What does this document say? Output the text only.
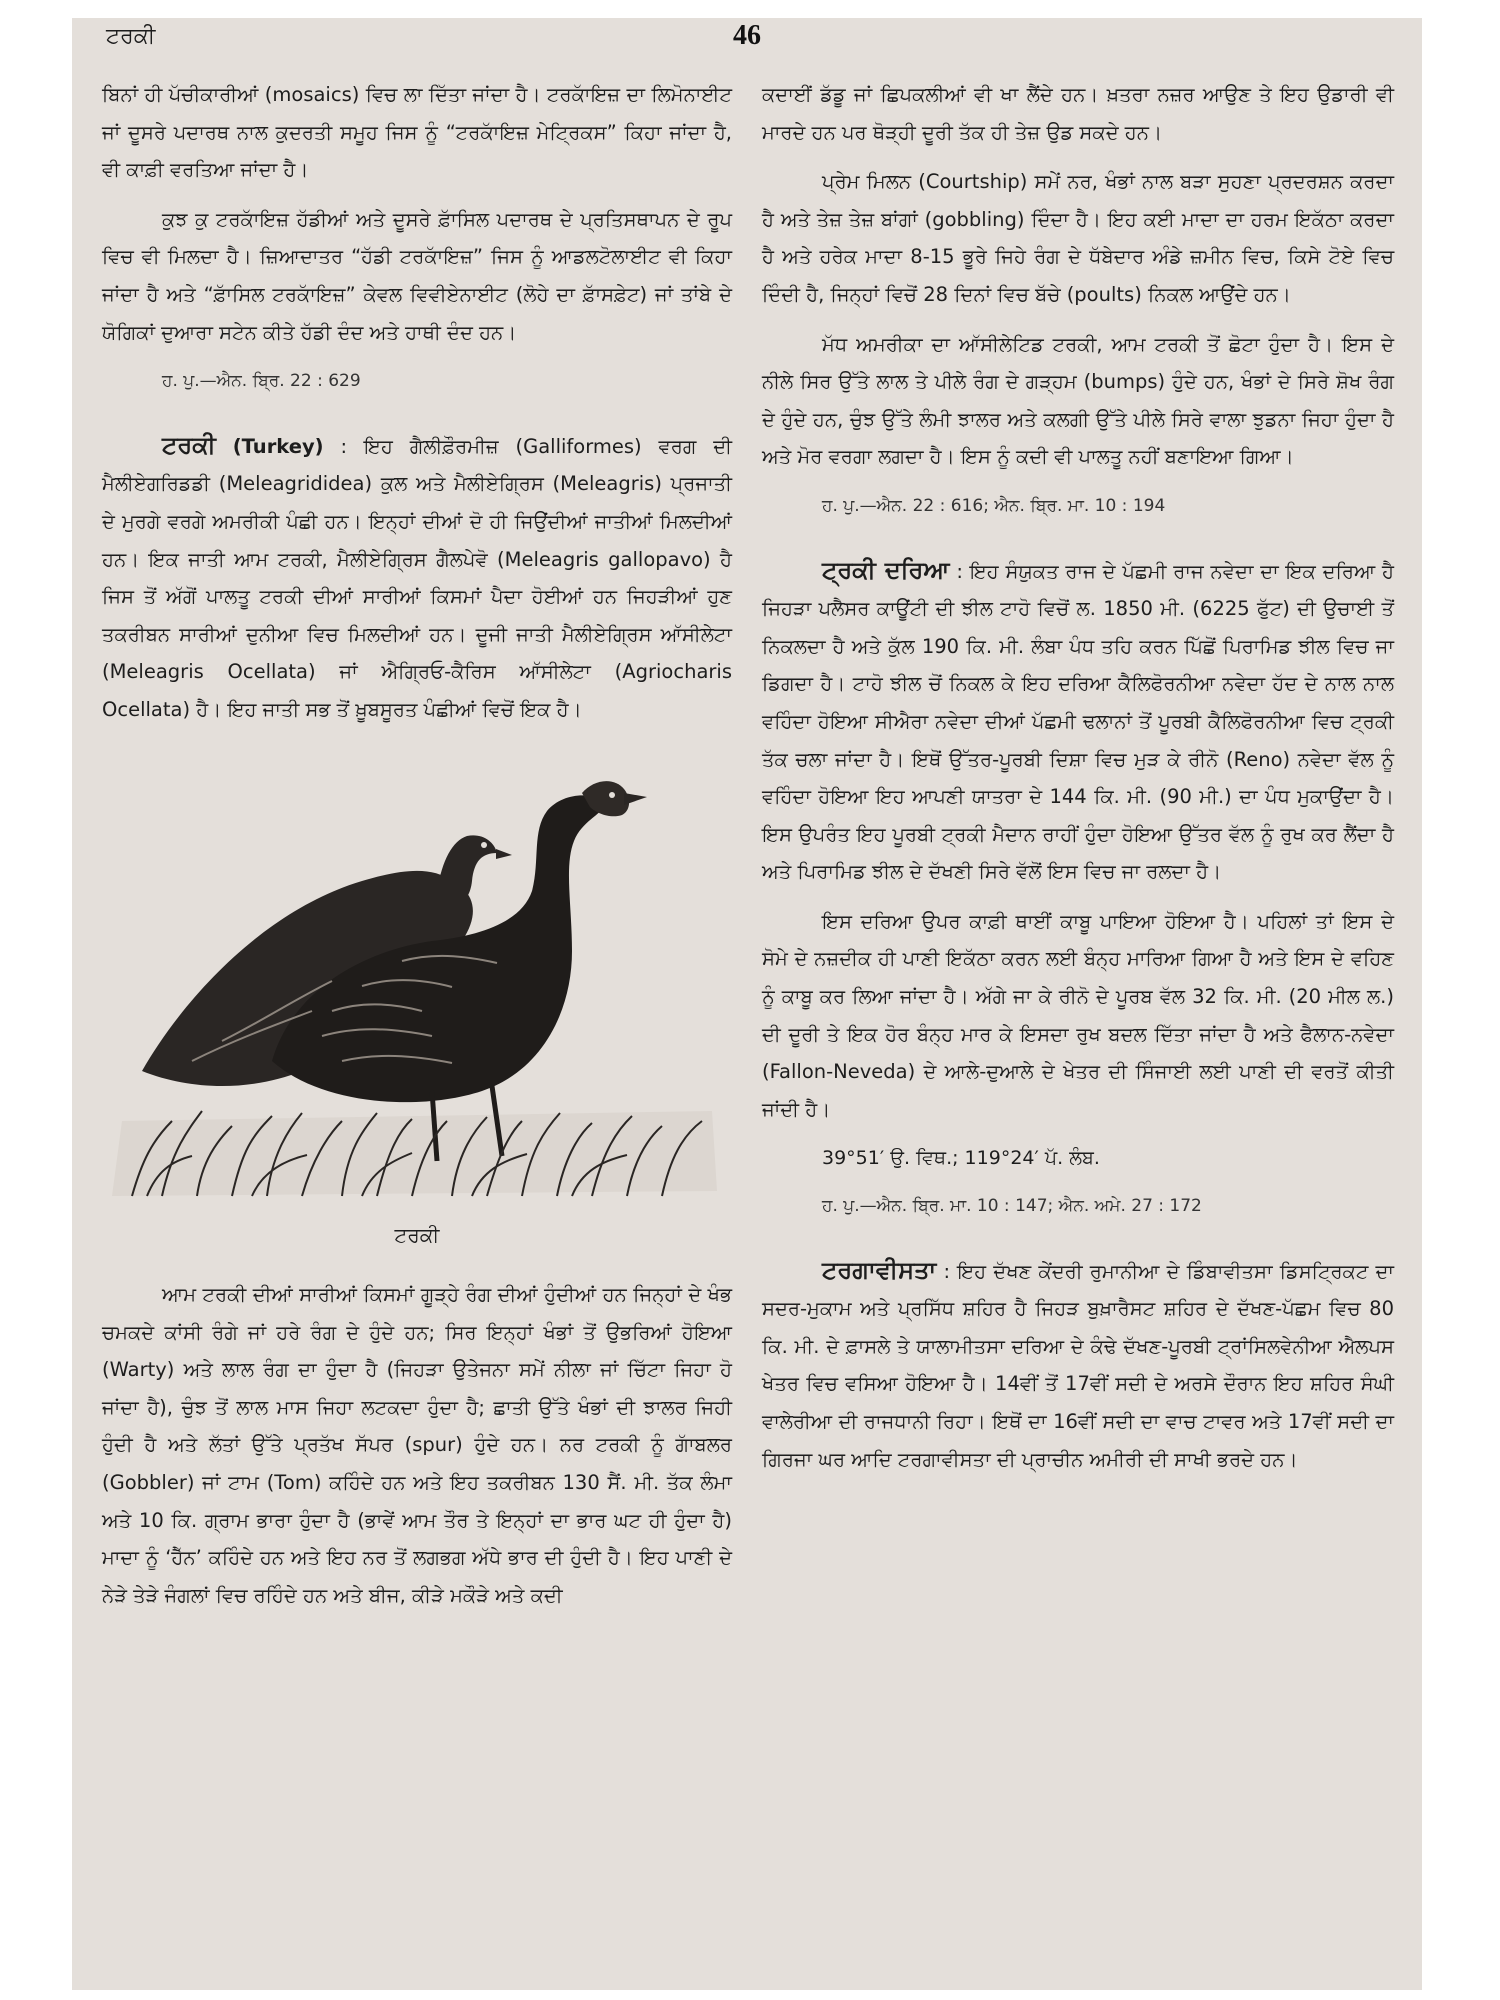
ਟਰਕੀ	46

ਬਿਨਾਂ ਹੀ ਪੱਚੀਕਾਰੀਆਂ (mosaics) ਵਿਚ ਲਾ ਦਿੱਤਾ ਜਾਂਦਾ ਹੈ। ਟਰਕਾੱਇਜ਼ ਦਾ ਲਿਮੋਨਾਈਟ ਜਾਂ ਦੂਸਰੇ ਪਦਾਰਥ ਨਾਲ ਕੁਦਰਤੀ ਸਮੂਹ ਜਿਸ ਨੂੰ “ਟਰਕਾੱਇਜ਼ ਮੇਟ੍ਰਿਕਸ” ਕਿਹਾ ਜਾਂਦਾ ਹੈ, ਵੀ ਕਾਫ਼ੀ ਵਰਤਿਆ ਜਾਂਦਾ ਹੈ।

ਕੁਝ ਕੁ ਟਰਕਾੱਇਜ਼ ਹੱਡੀਆਂ ਅਤੇ ਦੂਸਰੇ ਫ਼ਾੱਸਿਲ ਪਦਾਰਥ ਦੇ ਪ੍ਰਤਿਸਥਾਪਨ ਦੇ ਰੂਪ ਵਿਚ ਵੀ ਮਿਲਦਾ ਹੈ। ਜ਼ਿਆਦਾਤਰ “ਹੱਡੀ ਟਰਕਾੱਇਜ਼” ਜਿਸ ਨੂੰ ਆਡਲਟੋਲਾਈਟ ਵੀ ਕਿਹਾ ਜਾਂਦਾ ਹੈ ਅਤੇ “ਫ਼ਾੱਸਿਲ ਟਰਕਾੱਇਜ਼” ਕੇਵਲ ਵਿਵੀਏਨਾਈਟ (ਲੋਹੇ ਦਾ ਫ਼ਾੱਸਫ਼ੇਟ) ਜਾਂ ਤਾਂਬੇ ਦੇ ਯੋਗਿਕਾਂ ਦੁਆਰਾ ਸਟੇਨ ਕੀਤੇ ਹੱਡੀ ਦੰਦ ਅਤੇ ਹਾਥੀ ਦੰਦ ਹਨ।

ਹ. ਪੁ.—ਐਨ. ਬ੍ਰਿ. 22 : 629

ਟਰਕੀ (Turkey) : ਇਹ ਗੈਲੀਫ਼ੌਰਮੀਜ਼ (Galliformes) ਵਰਗ ਦੀ ਮੈਲੀਏਗਰਿਡਡੀ (Meleagrididea) ਕੁਲ ਅਤੇ ਮੈਲੀਏਗ੍ਰਿਸ (Meleagris) ਪ੍ਰਜਾਤੀ ਦੇ ਮੁਰਗੇ ਵਰਗੇ ਅਮਰੀਕੀ ਪੰਛੀ ਹਨ। ਇਨ੍ਹਾਂ ਦੀਆਂ ਦੋ ਹੀ ਜਿਉਂਦੀਆਂ ਜਾਤੀਆਂ ਮਿਲਦੀਆਂ ਹਨ। ਇਕ ਜਾਤੀ ਆਮ ਟਰਕੀ, ਮੈਲੀਏਗ੍ਰਿਸ ਗੈਲਪੇਵੋ (Meleagris gallopavo) ਹੈ ਜਿਸ ਤੋਂ ਅੱਗੋਂ ਪਾਲਤੂ ਟਰਕੀ ਦੀਆਂ ਸਾਰੀਆਂ ਕਿਸਮਾਂ ਪੈਦਾ ਹੋਈਆਂ ਹਨ ਜਿਹੜੀਆਂ ਹੁਣ ਤਕਰੀਬਨ ਸਾਰੀਆਂ ਦੁਨੀਆ ਵਿਚ ਮਿਲਦੀਆਂ ਹਨ। ਦੂਜੀ ਜਾਤੀ ਮੈਲੀਏਗ੍ਰਿਸ ਆੱਸੀਲੇਟਾ (Meleagris Ocellata) ਜਾਂ ਐਗ੍ਰਿਓ-ਕੈਰਿਸ ਆੱਸੀਲੇਟਾ (Agriocharis Ocellata) ਹੈ। ਇਹ ਜਾਤੀ ਸਭ ਤੋਂ ਖ਼ੂਬਸੂਰਤ ਪੰਛੀਆਂ ਵਿਚੋਂ ਇਕ ਹੈ।

ਟਰਕੀ

ਆਮ ਟਰਕੀ ਦੀਆਂ ਸਾਰੀਆਂ ਕਿਸਮਾਂ ਗੂੜ੍ਹੇ ਰੰਗ ਦੀਆਂ ਹੁੰਦੀਆਂ ਹਨ ਜਿਨ੍ਹਾਂ ਦੇ ਖੰਭ ਚਮਕਦੇ ਕਾਂਸੀ ਰੰਗੇ ਜਾਂ ਹਰੇ ਰੰਗ ਦੇ ਹੁੰਦੇ ਹਨ; ਸਿਰ ਇਨ੍ਹਾਂ ਖੰਭਾਂ ਤੋਂ ਉਭਰਿਆਂ ਹੋਇਆ (Warty) ਅਤੇ ਲਾਲ ਰੰਗ ਦਾ ਹੁੰਦਾ ਹੈ (ਜਿਹੜਾ ਉਤੇਜਨਾ ਸਮੇਂ ਨੀਲਾ ਜਾਂ ਚਿੱਟਾ ਜਿਹਾ ਹੋ ਜਾਂਦਾ ਹੈ), ਚੁੰਝ ਤੋਂ ਲਾਲ ਮਾਸ ਜਿਹਾ ਲਟਕਦਾ ਹੁੰਦਾ ਹੈ; ਛਾਤੀ ਉੱਤੇ ਖੰਭਾਂ ਦੀ ਝਾਲਰ ਜਿਹੀ ਹੁੰਦੀ ਹੈ ਅਤੇ ਲੱਤਾਂ ਉੱਤੇ ਪ੍ਰਤੱਖ ਸੱਪਰ (spur) ਹੁੰਦੇ ਹਨ। ਨਰ ਟਰਕੀ ਨੂੰ ਗਾੱਬਲਰ (Gobbler) ਜਾਂ ਟਾਮ (Tom) ਕਹਿੰਦੇ ਹਨ ਅਤੇ ਇਹ ਤਕਰੀਬਨ 130 ਸੈਂ. ਮੀ. ਤੱਕ ਲੰਮਾ ਅਤੇ 10 ਕਿ. ਗ੍ਰਾਮ ਭਾਰਾ ਹੁੰਦਾ ਹੈ (ਭਾਵੇਂ ਆਮ ਤੌਰ ਤੇ ਇਨ੍ਹਾਂ ਦਾ ਭਾਰ ਘਟ ਹੀ ਹੁੰਦਾ ਹੈ) ਮਾਦਾ ਨੂੰ ‘ਹੈੱਨ’ ਕਹਿੰਦੇ ਹਨ ਅਤੇ ਇਹ ਨਰ ਤੋਂ ਲਗਭਗ ਅੱਧੇ ਭਾਰ ਦੀ ਹੁੰਦੀ ਹੈ। ਇਹ ਪਾਣੀ ਦੇ ਨੇੜੇ ਤੇੜੇ ਜੰਗਲਾਂ ਵਿਚ ਰਹਿੰਦੇ ਹਨ ਅਤੇ ਬੀਜ, ਕੀੜੇ ਮਕੌੜੇ ਅਤੇ ਕਦੀ

ਕਦਾਈਂ ਡੱਡੂ ਜਾਂ ਛਿਪਕਲੀਆਂ ਵੀ ਖਾ ਲੈਂਦੇ ਹਨ। ਖ਼ਤਰਾ ਨਜ਼ਰ ਆਉਣ ਤੇ ਇਹ ਉਡਾਰੀ ਵੀ ਮਾਰਦੇ ਹਨ ਪਰ ਥੋੜ੍ਹੀ ਦੂਰੀ ਤੱਕ ਹੀ ਤੇਜ਼ ਉਡ ਸਕਦੇ ਹਨ।

ਪ੍ਰੇਮ ਮਿਲਨ (Courtship) ਸਮੇਂ ਨਰ, ਖੰਭਾਂ ਨਾਲ ਬੜਾ ਸੁਹਣਾ ਪ੍ਰਦਰਸ਼ਨ ਕਰਦਾ ਹੈ ਅਤੇ ਤੇਜ਼ ਤੇਜ਼ ਬਾਂਗਾਂ (gobbling) ਦਿੰਦਾ ਹੈ। ਇਹ ਕਈ ਮਾਦਾ ਦਾ ਹਰਮ ਇਕੱਠਾ ਕਰਦਾ ਹੈ ਅਤੇ ਹਰੇਕ ਮਾਦਾ 8-15 ਭੂਰੇ ਜਿਹੇ ਰੰਗ ਦੇ ਧੱਬੇਦਾਰ ਅੰਡੇ ਜ਼ਮੀਨ ਵਿਚ, ਕਿਸੇ ਟੋਏ ਵਿਚ ਦਿੰਦੀ ਹੈ, ਜਿਨ੍ਹਾਂ ਵਿਚੋਂ 28 ਦਿਨਾਂ ਵਿਚ ਬੱਚੇ (poults) ਨਿਕਲ ਆਉਂਦੇ ਹਨ।

ਮੱਧ ਅਮਰੀਕਾ ਦਾ ਆੱਸੀਲੇਟਿਡ ਟਰਕੀ, ਆਮ ਟਰਕੀ ਤੋਂ ਛੋਟਾ ਹੁੰਦਾ ਹੈ। ਇਸ ਦੇ ਨੀਲੇ ਸਿਰ ਉੱਤੇ ਲਾਲ ਤੇ ਪੀਲੇ ਰੰਗ ਦੇ ਗੜ੍ਹਮ (bumps) ਹੁੰਦੇ ਹਨ, ਖੰਭਾਂ ਦੇ ਸਿਰੇ ਸ਼ੋਖ ਰੰਗ ਦੇ ਹੁੰਦੇ ਹਨ, ਚੁੰਝ ਉੱਤੇ ਲੰਮੀ ਝਾਲਰ ਅਤੇ ਕਲਗੀ ਉੱਤੇ ਪੀਲੇ ਸਿਰੇ ਵਾਲਾ ਝੁਡਨਾ ਜਿਹਾ ਹੁੰਦਾ ਹੈ ਅਤੇ ਮੋਰ ਵਰਗਾ ਲਗਦਾ ਹੈ। ਇਸ ਨੂੰ ਕਦੀ ਵੀ ਪਾਲਤੂ ਨਹੀਂ ਬਣਾਇਆ ਗਿਆ।

ਹ. ਪੁ.—ਐਨ. 22 : 616; ਐਨ. ਬ੍ਰਿ. ਮਾ. 10 : 194

ਟ੍ਰਕੀ ਦਰਿਆ : ਇਹ ਸੰਯੁਕਤ ਰਾਜ ਦੇ ਪੱਛਮੀ ਰਾਜ ਨਵੇਦਾ ਦਾ ਇਕ ਦਰਿਆ ਹੈ ਜਿਹੜਾ ਪਲੈਸਰ ਕਾਊਂਟੀ ਦੀ ਝੀਲ ਟਾਹੋ ਵਿਚੋਂ ਲ. 1850 ਮੀ. (6225 ਫੁੱਟ) ਦੀ ਉਚਾਈ ਤੋਂ ਨਿਕਲਦਾ ਹੈ ਅਤੇ ਕੁੱਲ 190 ਕਿ. ਮੀ. ਲੰਬਾ ਪੰਧ ਤਹਿ ਕਰਨ ਪਿੱਛੋਂ ਪਿਰਾਮਿਡ ਝੀਲ ਵਿਚ ਜਾ ਡਿਗਦਾ ਹੈ। ਟਾਹੋ ਝੀਲ ਚੋਂ ਨਿਕਲ ਕੇ ਇਹ ਦਰਿਆ ਕੈਲਿਫੋਰਨੀਆ ਨਵੇਦਾ ਹੱਦ ਦੇ ਨਾਲ ਨਾਲ ਵਹਿੰਦਾ ਹੋਇਆ ਸੀਐਰਾ ਨਵੇਦਾ ਦੀਆਂ ਪੱਛਮੀ ਢਲਾਨਾਂ ਤੋਂ ਪੂਰਬੀ ਕੈਲਿਫੋਰਨੀਆ ਵਿਚ ਟ੍ਰਕੀ ਤੱਕ ਚਲਾ ਜਾਂਦਾ ਹੈ। ਇਥੋਂ ਉੱਤਰ-ਪੂਰਬੀ ਦਿਸ਼ਾ ਵਿਚ ਮੁੜ ਕੇ ਰੀਨੋ (Reno) ਨਵੇਦਾ ਵੱਲ ਨੂੰ ਵਹਿੰਦਾ ਹੋਇਆ ਇਹ ਆਪਣੀ ਯਾਤਰਾ ਦੇ 144 ਕਿ. ਮੀ. (90 ਮੀ.) ਦਾ ਪੰਧ ਮੁਕਾਉਂਦਾ ਹੈ। ਇਸ ਉਪਰੰਤ ਇਹ ਪੂਰਬੀ ਟ੍ਰਕੀ ਮੈਦਾਨ ਰਾਹੀਂ ਹੁੰਦਾ ਹੋਇਆ ਉੱਤਰ ਵੱਲ ਨੂੰ ਰੁਖ ਕਰ ਲੈਂਦਾ ਹੈ ਅਤੇ ਪਿਰਾਮਿਡ ਝੀਲ ਦੇ ਦੱਖਣੀ ਸਿਰੇ ਵੱਲੋਂ ਇਸ ਵਿਚ ਜਾ ਰਲਦਾ ਹੈ।

ਇਸ ਦਰਿਆ ਉਪਰ ਕਾਫ਼ੀ ਥਾਈਂ ਕਾਬੂ ਪਾਇਆ ਹੋਇਆ ਹੈ। ਪਹਿਲਾਂ ਤਾਂ ਇਸ ਦੇ ਸੋਮੇ ਦੇ ਨਜ਼ਦੀਕ ਹੀ ਪਾਣੀ ਇਕੱਠਾ ਕਰਨ ਲਈ ਬੰਨ੍ਹ ਮਾਰਿਆ ਗਿਆ ਹੈ ਅਤੇ ਇਸ ਦੇ ਵਹਿਣ ਨੂੰ ਕਾਬੂ ਕਰ ਲਿਆ ਜਾਂਦਾ ਹੈ। ਅੱਗੇ ਜਾ ਕੇ ਰੀਨੋ ਦੇ ਪੂਰਬ ਵੱਲ 32 ਕਿ. ਮੀ. (20 ਮੀਲ ਲ.) ਦੀ ਦੂਰੀ ਤੇ ਇਕ ਹੋਰ ਬੰਨ੍ਹ ਮਾਰ ਕੇ ਇਸਦਾ ਰੁਖ ਬਦਲ ਦਿੱਤਾ ਜਾਂਦਾ ਹੈ ਅਤੇ ਫੈਲਾਨ-ਨਵੇਦਾ (Fallon-Neveda) ਦੇ ਆਲੇ-ਦੁਆਲੇ ਦੇ ਖੇਤਰ ਦੀ ਸਿੰਜਾਈ ਲਈ ਪਾਣੀ ਦੀ ਵਰਤੋਂ ਕੀਤੀ ਜਾਂਦੀ ਹੈ।

39°51′ ਉ. ਵਿਥ.; 119°24′ ਪੱ. ਲੰਬ.

ਹ. ਪੁ.—ਐਨ. ਬ੍ਰਿ. ਮਾ. 10 : 147; ਐਨ. ਅਮੇ. 27 : 172

ਟਰਗਾਵੀਸਤਾ : ਇਹ ਦੱਖਣ ਕੇਂਦਰੀ ਰੁਮਾਨੀਆ ਦੇ ਡਿੰਬਾਵੀਤਸਾ ਡਿਸਟ੍ਰਿਕਟ ਦਾ ਸਦਰ-ਮੁਕਾਮ ਅਤੇ ਪ੍ਰਸਿੱਧ ਸ਼ਹਿਰ ਹੈ ਜਿਹੜ ਬੁਖ਼ਾਰੈਸਟ ਸ਼ਹਿਰ ਦੇ ਦੱਖਣ-ਪੱਛਮ ਵਿਚ 80 ਕਿ. ਮੀ. ਦੇ ਫ਼ਾਸਲੇ ਤੇ ਯਾਲਾਮੀਤਸਾ ਦਰਿਆ ਦੇ ਕੰਢੇ ਦੱਖਣ-ਪੂਰਬੀ ਟ੍ਰਾਂਸਿਲਵੇਨੀਆ ਐਲਪਸ ਖੇਤਰ ਵਿਚ ਵਸਿਆ ਹੋਇਆ ਹੈ। 14ਵੀਂ ਤੋਂ 17ਵੀਂ ਸਦੀ ਦੇ ਅਰਸੇ ਦੌਰਾਨ ਇਹ ਸ਼ਹਿਰ ਸੰਘੀ ਵਾਲੇਰੀਆ ਦੀ ਰਾਜਧਾਨੀ ਰਿਹਾ। ਇਥੋਂ ਦਾ 16ਵੀਂ ਸਦੀ ਦਾ ਵਾਚ ਟਾਵਰ ਅਤੇ 17ਵੀਂ ਸਦੀ ਦਾ ਗਿਰਜਾ ਘਰ ਆਦਿ ਟਰਗਾਵੀਸਤਾ ਦੀ ਪ੍ਰਾਚੀਨ ਅਮੀਰੀ ਦੀ ਸਾਖੀ ਭਰਦੇ ਹਨ।
